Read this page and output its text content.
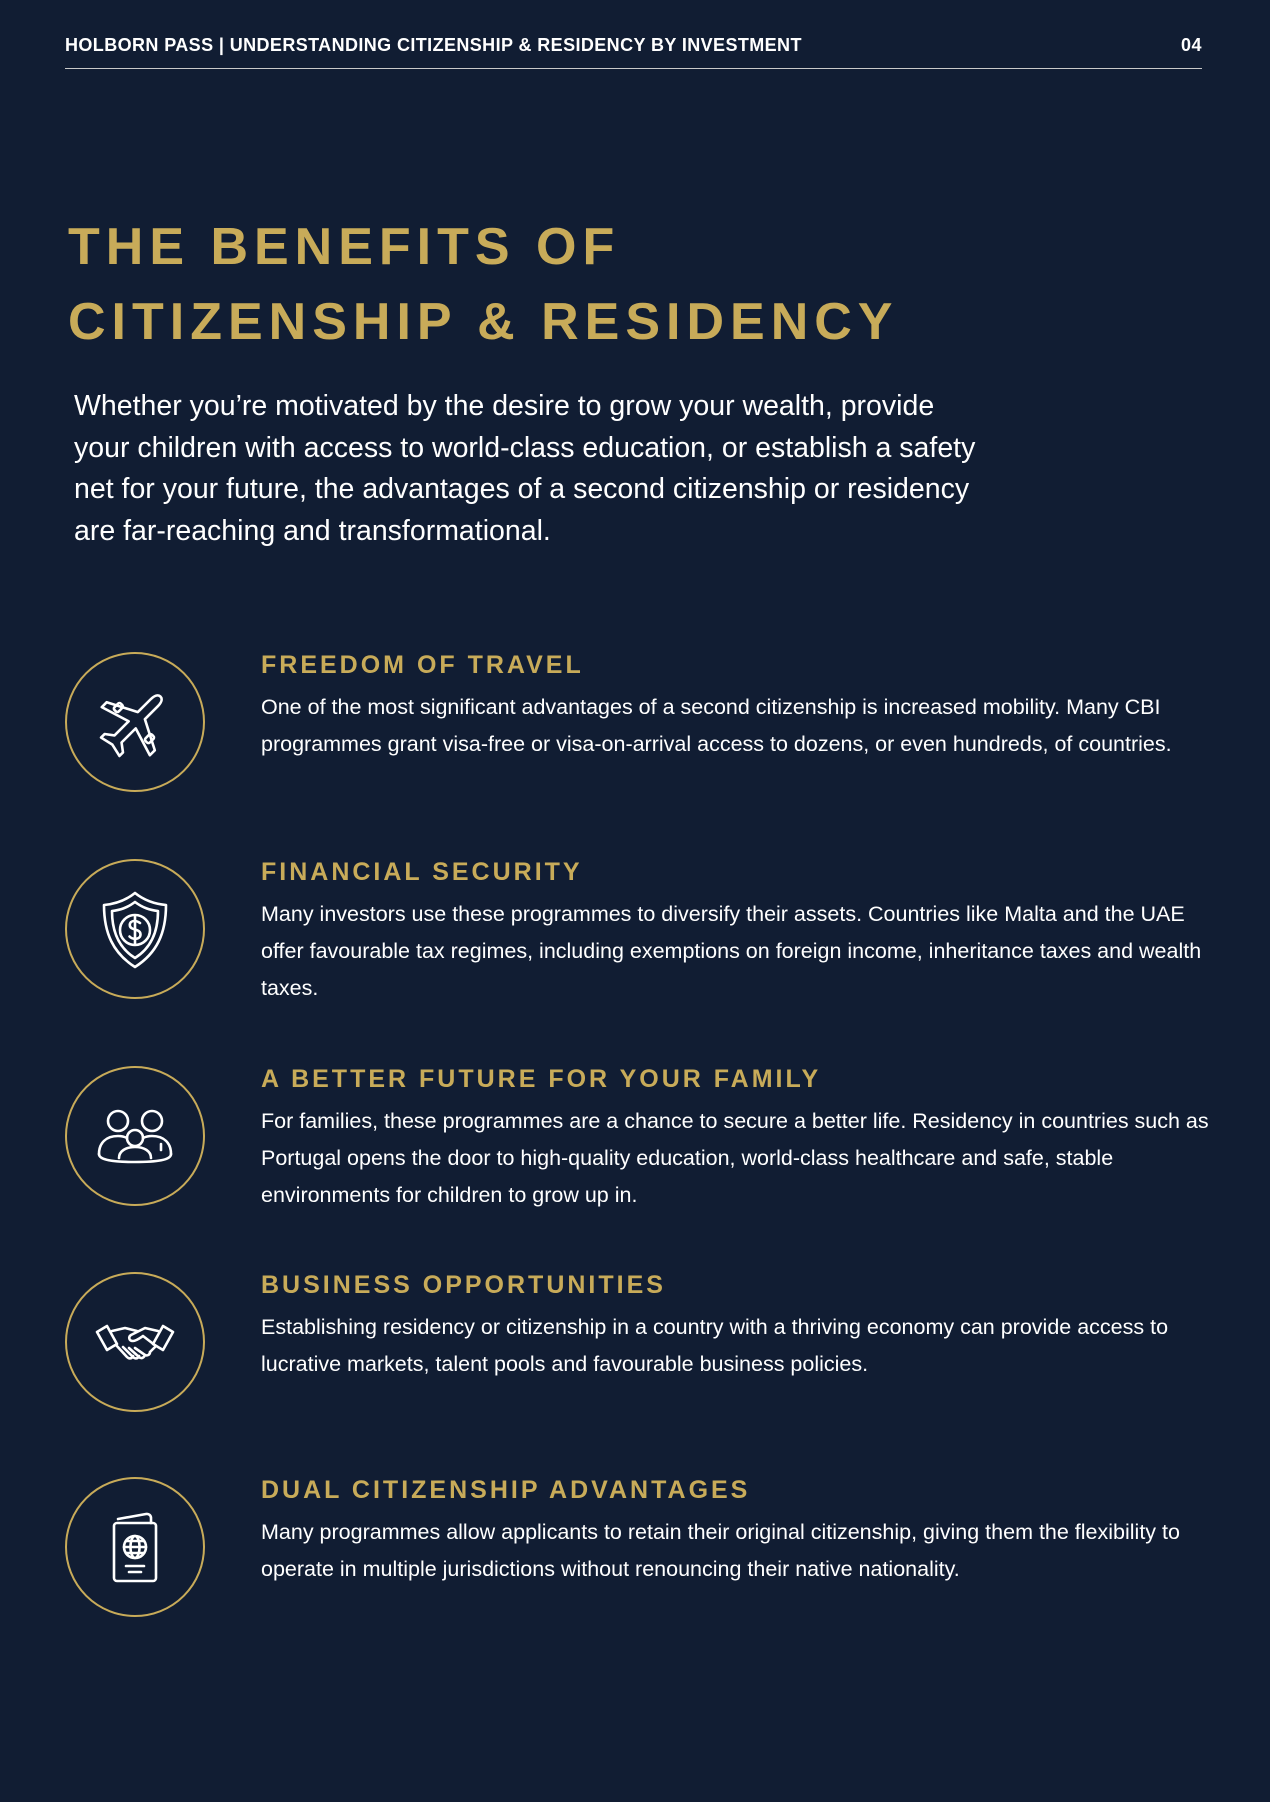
HOLBORN PASS | UNDERSTANDING CITIZENSHIP & RESIDENCY BY INVESTMENT	04
THE BENEFITS OF
CITIZENSHIP & RESIDENCY

Whether you’re motivated by the desire to grow your wealth, provide your children with access to world-class education, or establish a safety net for your future, the advantages of a second citizenship or residency are far-reaching and transformational.

FREEDOM OF TRAVEL

One of the most significant advantages of a second citizenship is increased mobility. Many CBI programmes grant visa-free or visa-on-arrival access to dozens, or even hundreds, of countries.

FINANCIAL SECURITY

Many investors use these programmes to diversify their assets. Countries like Malta and the UAE offer favourable tax regimes, including exemptions on foreign income, inheritance taxes and wealth taxes.

A BETTER FUTURE FOR YOUR FAMILY

For families, these programmes are a chance to secure a better life. Residency in countries such as Portugal opens the door to high-quality education, world-class healthcare and safe, stable environments for children to grow up in.

BUSINESS OPPORTUNITIES

Establishing residency or citizenship in a country with a thriving economy can provide access to lucrative markets, talent pools and favourable business policies.

DUAL CITIZENSHIP ADVANTAGES

Many programmes allow applicants to retain their original citizenship, giving them the flexibility to operate in multiple jurisdictions without renouncing their native nationality.
